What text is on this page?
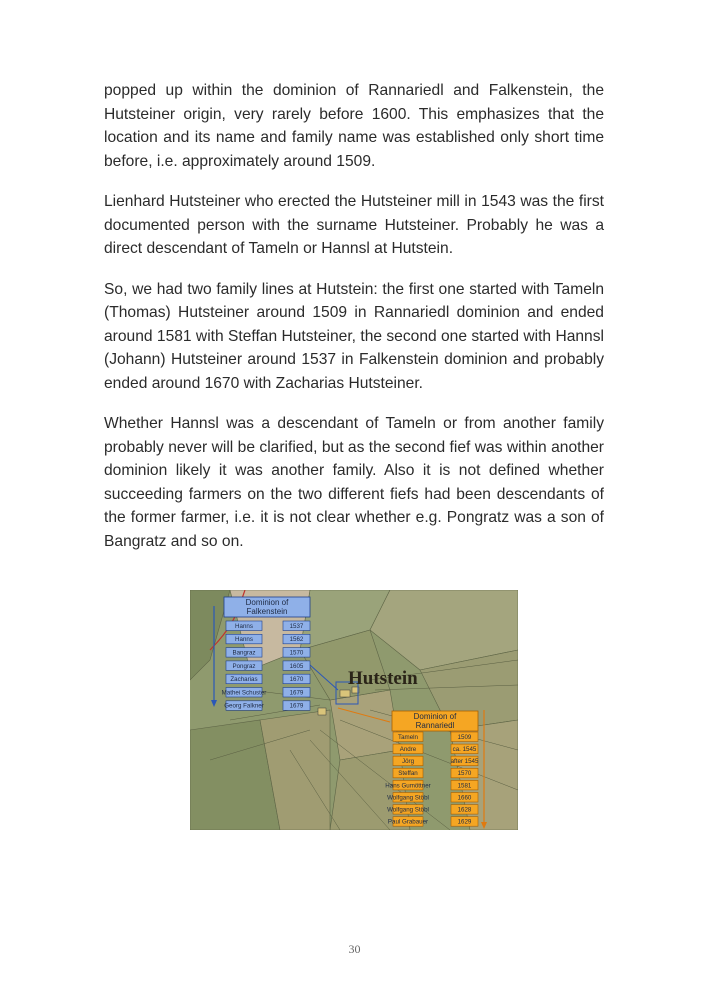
popped up within the dominion of Rannariedl and Falkenstein, the Hutsteiner origin, very rarely before 1600. This emphasizes that the location and its name and family name was established only short time before, i.e. approximately around 1509.

Lienhard Hutsteiner who erected the Hutsteiner mill in 1543 was the first documented person with the surname Hutsteiner. Probably he was a direct descendant of Tameln or Hannsl at Hutstein.

So, we had two family lines at Hutstein: the first one started with Tameln (Thomas) Hutsteiner around 1509 in Rannariedl dominion and ended around 1581 with Steffan Hutsteiner, the second one started with Hannsl (Johann) Hutsteiner around 1537 in Falkenstein dominion and probably ended around 1670 with Zacharias Hutsteiner.

Whether Hannsl was a descendant of Tameln or from another family probably never will be clarified, but as the second fief was within another dominion likely it was another family. Also it is not defined whether succeeding farmers on the two different fiefs had been descendants of the former farmer, i.e. it is not clear whether e.g. Pongratz was a son of Bangratz and so on.

Hutstein
Dominion of
Falkenstein
Hanns	1537
Hanns	1562
Bangraz	1570
Pongraz	1605
Zacharias	1670
Mathei Schuster	1679
Georg Falkner	1679
Dominion of
Rannariedl
Tameln	1509
Andre	ca. 1545
Jörg	after 1545
Steffan	1570
Hans Gumöttner	1581
Wolfgang Stöbl	1660
Wolfgang Stöbl	1628
Paul Grabauer	1629
30
